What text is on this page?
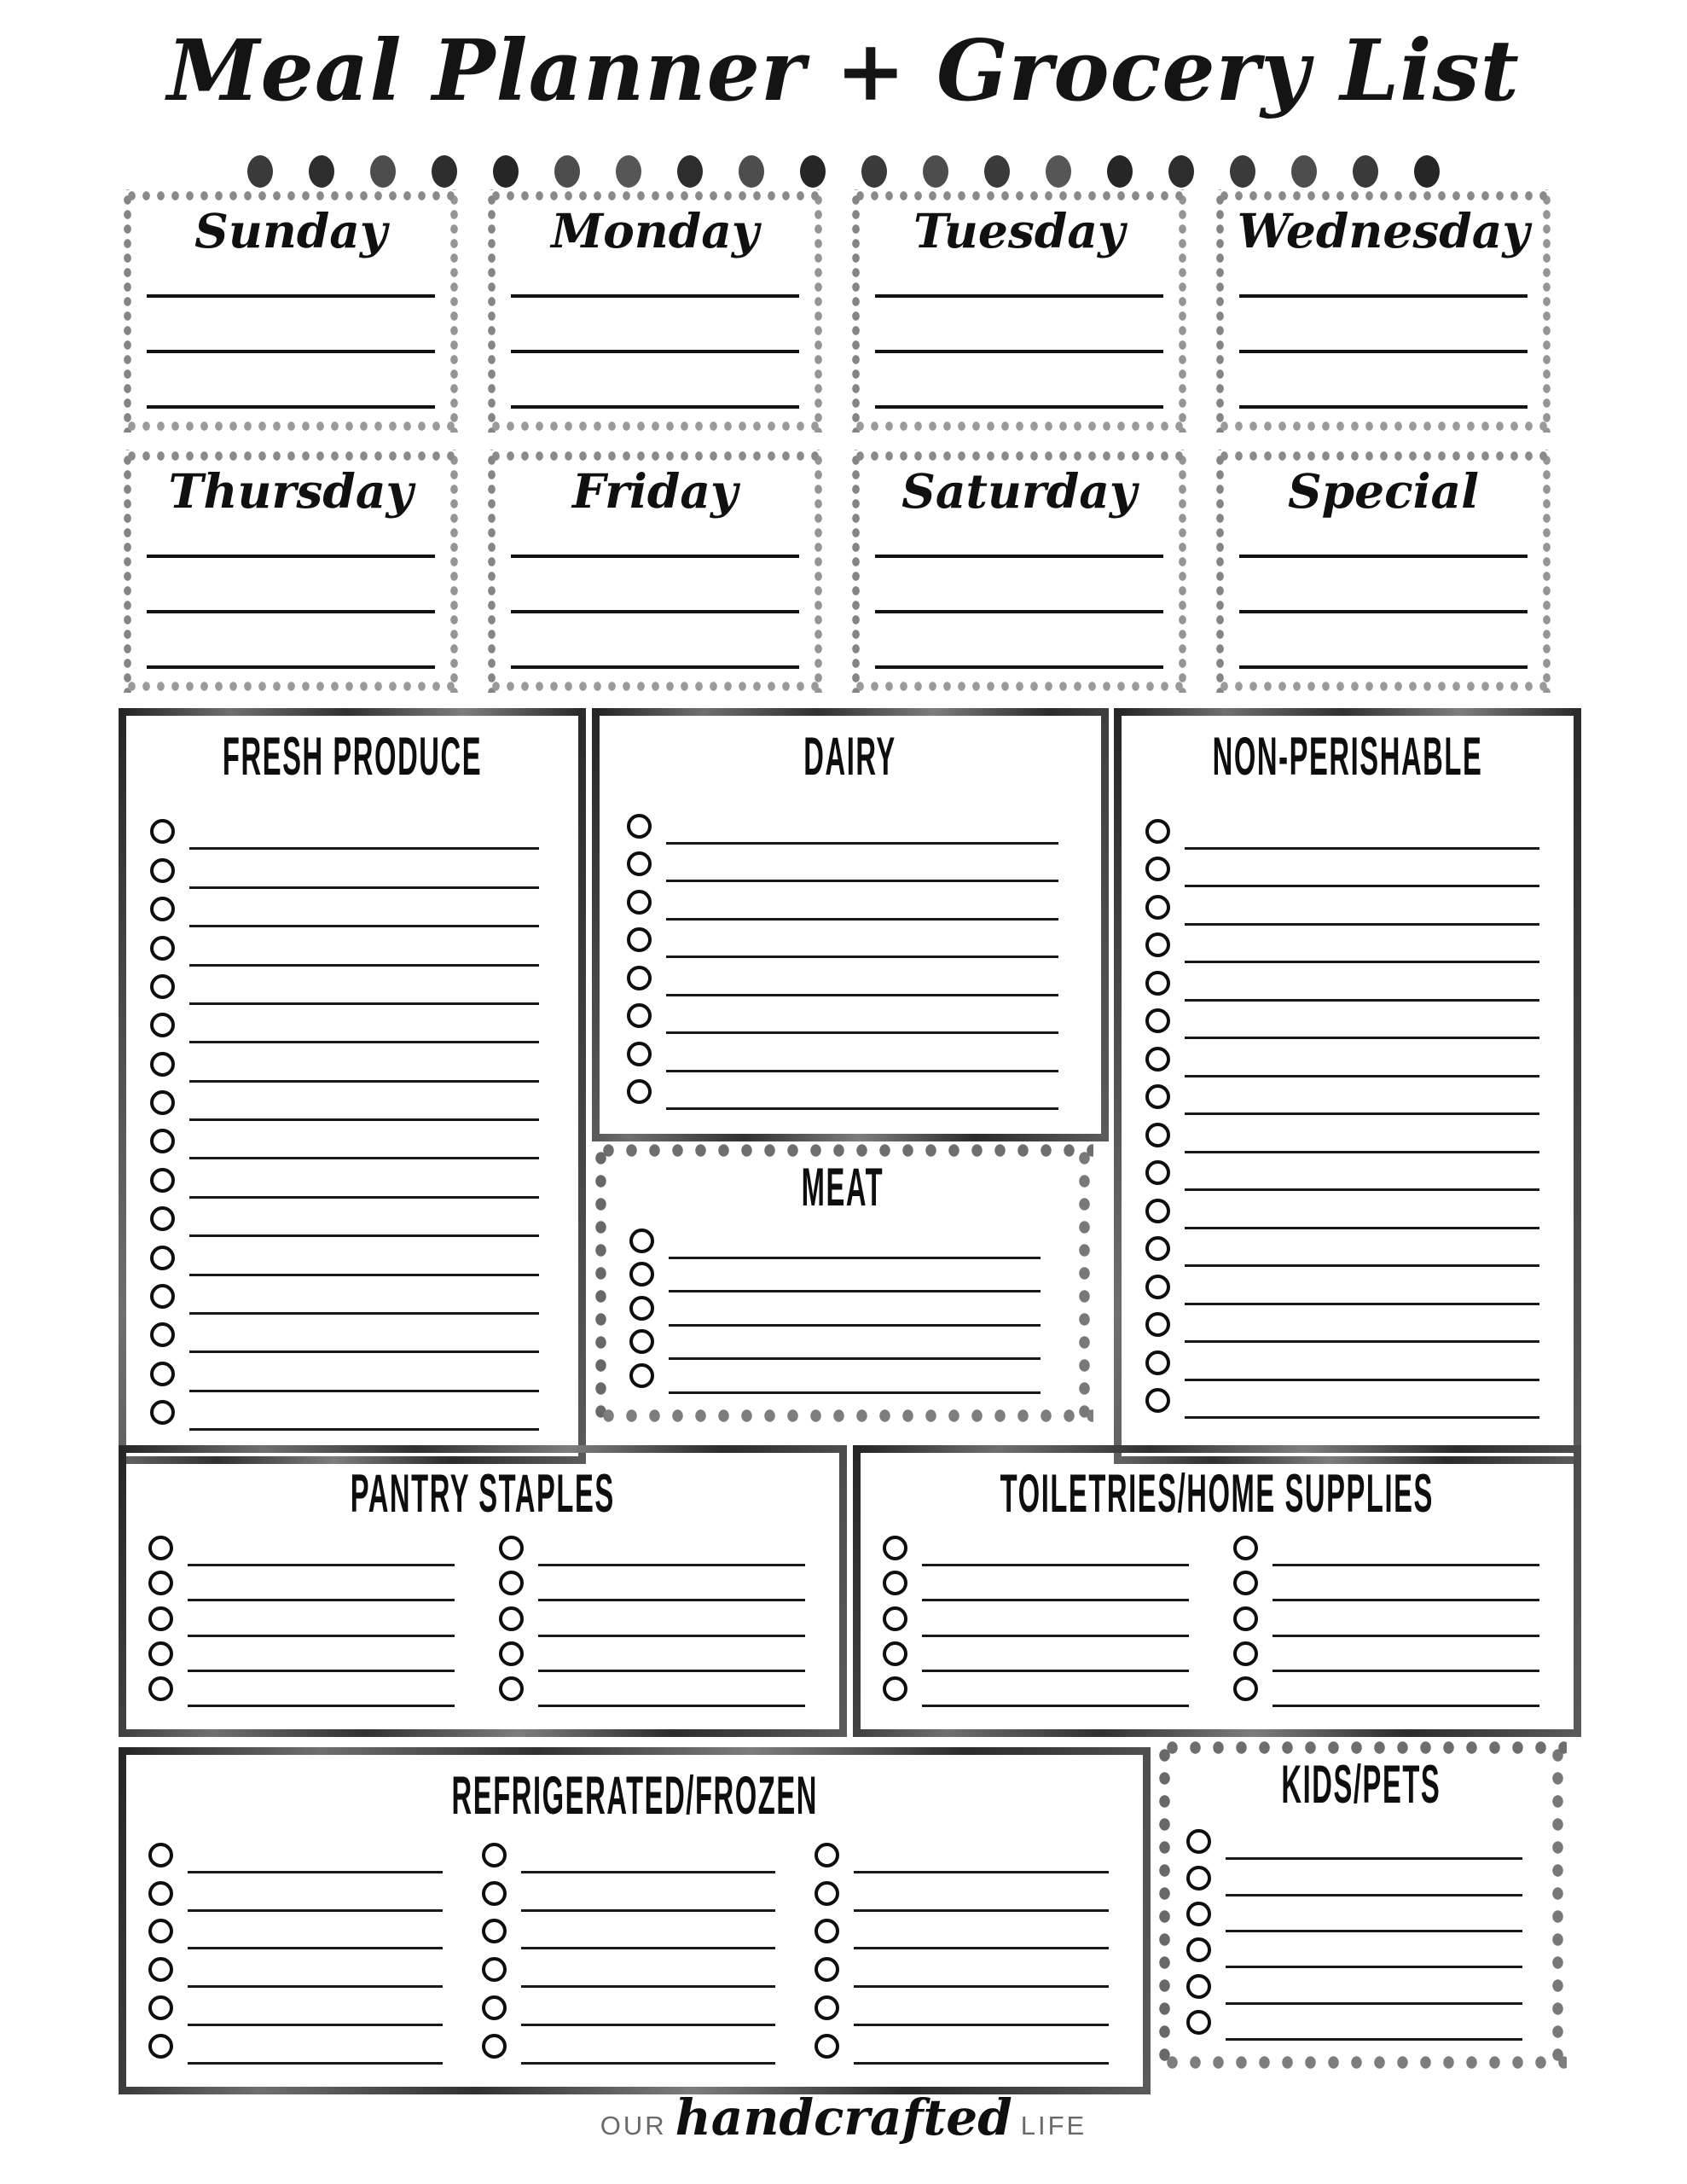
Meal Planner + Grocery List
Sunday	Monday	Tuesday	Wednesday
Thursday	Friday	Saturday	Special
FRESH PRODUCE	DAIRY
MEAT
NON-PERISHABLE
PANTRY STAPLES	TOILETRIES/HOME SUPPLIES
REFRIGERATED/FROZEN	KIDS/PETS
OUR handcrafted LIFE
